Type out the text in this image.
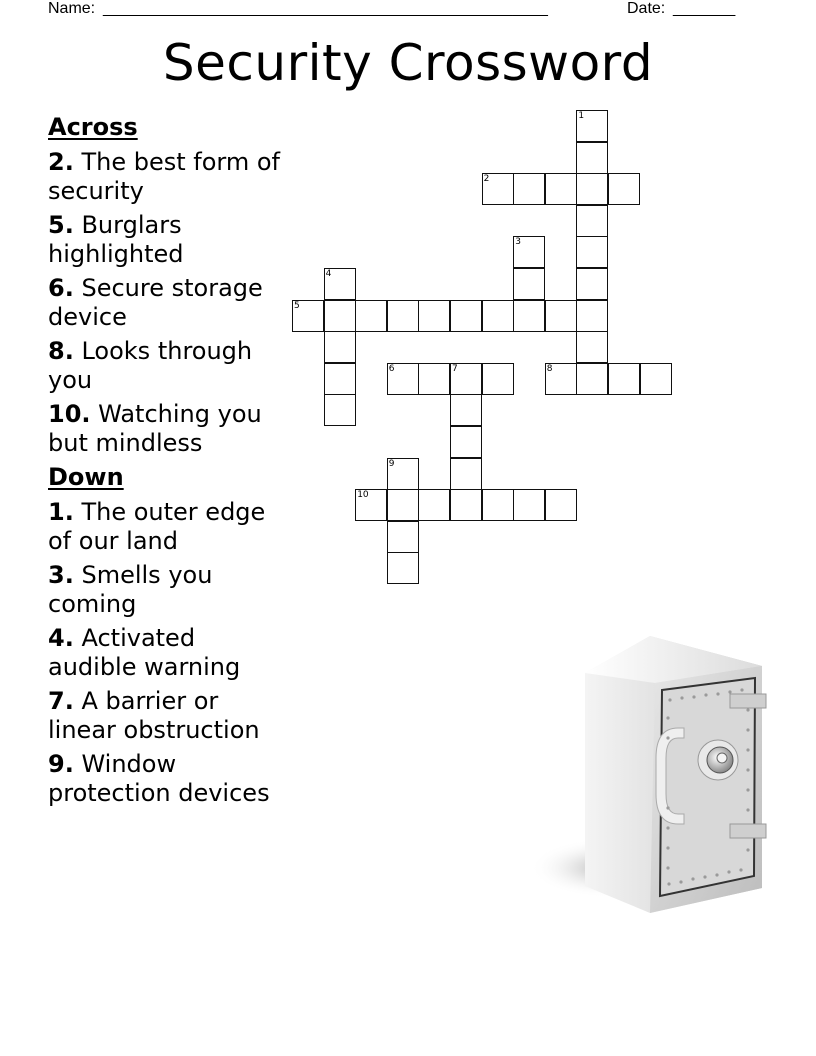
Name: __________________________________________________	Date: _______
Security Crossword
Across
2. The best form of security
5. Burglars highlighted
6. Secure storage device
8. Looks through you
10. Watching you but mindless
Down
1. The outer edge of our land
3. Smells you coming
4. Activated audible warning
7. A barrier or linear obstruction
9. Window protection devices
1
2
3
4
5
6	7	8
9
10
